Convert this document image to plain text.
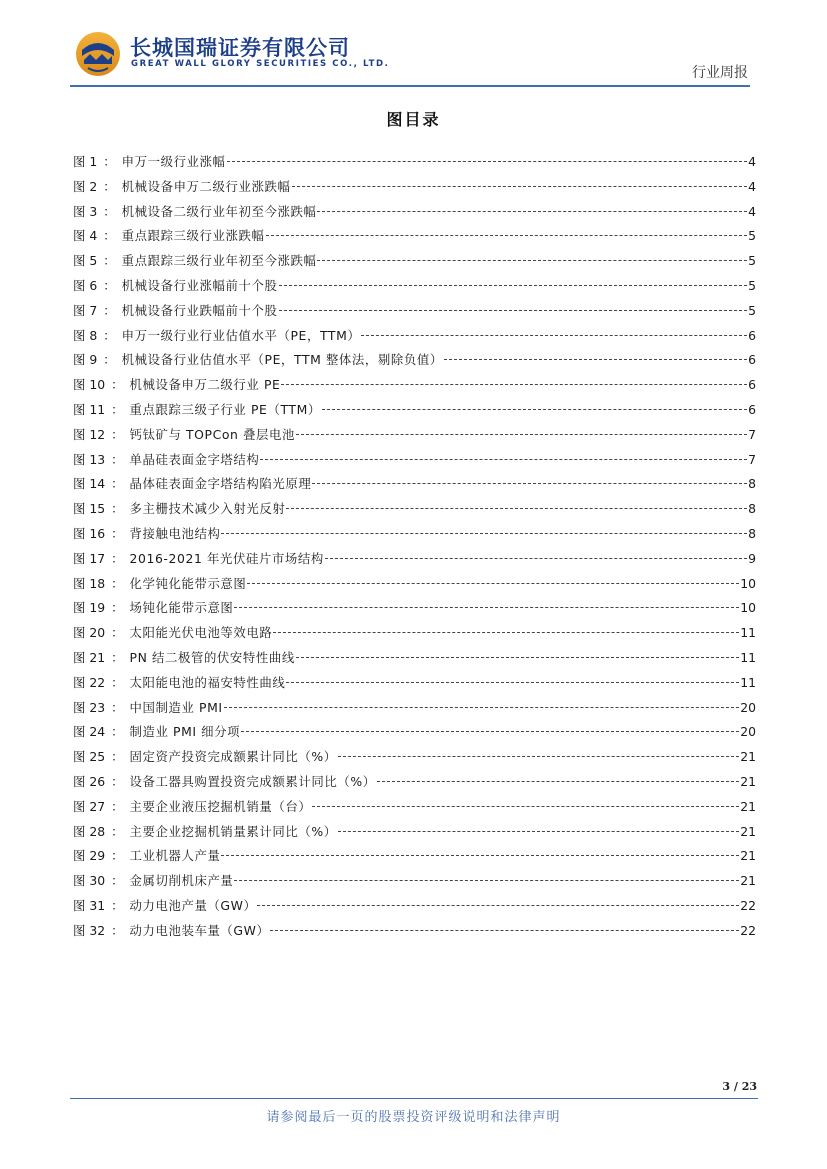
长城国瑞证券有限公司
GREAT WALL GLORY SECURITIES CO., LTD.
行业周报
图目录
图 1 ： 申万一级行业涨幅	4
图 2 ： 机械设备申万二级行业涨跌幅	4
图 3 ： 机械设备二级行业年初至今涨跌幅	4
图 4 ： 重点跟踪三级行业涨跌幅	5
图 5 ： 重点跟踪三级行业年初至今涨跌幅	5
图 6 ： 机械设备行业涨幅前十个股	5
图 7 ： 机械设备行业跌幅前十个股	5
图 8 ： 申万一级行业行业估值水平（PE，TTM）	6
图 9 ： 机械设备行业估值水平（PE，TTM 整体法，剔除负值）	6
图 10 ： 机械设备申万二级行业 PE	6
图 11 ： 重点跟踪三级子行业 PE（TTM）	6
图 12 ： 钙钛矿与 TOPCon 叠层电池	7
图 13 ： 单晶硅表面金字塔结构	7
图 14 ： 晶体硅表面金字塔结构陷光原理	8
图 15 ： 多主栅技术减少入射光反射	8
图 16 ： 背接触电池结构	8
图 17 ： 2016-2021 年光伏硅片市场结构	9
图 18 ： 化学钝化能带示意图	10
图 19 ： 场钝化能带示意图	10
图 20 ： 太阳能光伏电池等效电路	11
图 21 ： PN 结二极管的伏安特性曲线	11
图 22 ： 太阳能电池的福安特性曲线	11
图 23 ： 中国制造业 PMI	20
图 24 ： 制造业 PMI 细分项	20
图 25 ： 固定资产投资完成额累计同比（%）	21
图 26 ： 设备工器具购置投资完成额累计同比（%）	21
图 27 ： 主要企业液压挖掘机销量（台）	21
图 28 ： 主要企业挖掘机销量累计同比（%）	21
图 29 ： 工业机器人产量	21
图 30 ： 金属切削机床产量	21
图 31 ： 动力电池产量（GW）	22
图 32 ： 动力电池装车量（GW）	22
3 / 23
请参阅最后一页的股票投资评级说明和法律声明
